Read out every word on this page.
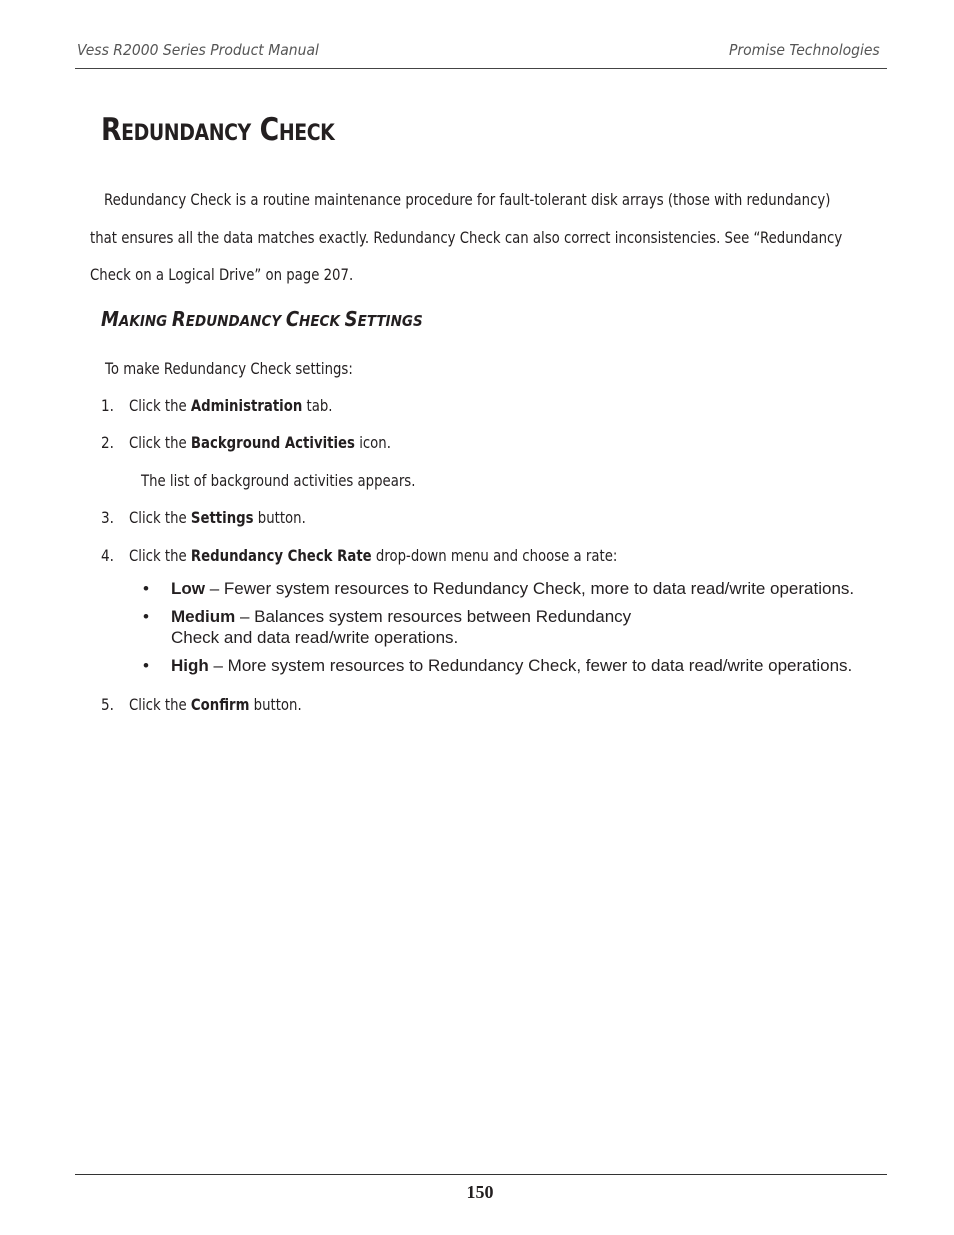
Vess R2000 Series Product Manual	Promise Technologies
REDUNDANCY CHECK
Redundancy Check is a routine maintenance procedure for fault-tolerant disk arrays (those with redundancy)
that ensures all the data matches exactly. Redundancy Check can also correct inconsistencies. See “Redundancy
Check on a Logical Drive” on page 207.
MAKING REDUNDANCY CHECK SETTINGS
To make Redundancy Check settings:
1. Click the Administration tab.
2. Click the Background Activities icon.
The list of background activities appears.
3. Click the Settings button.
4. Click the Redundancy Check Rate drop-down menu and choose a rate:
• Low – Fewer system resources to Redundancy Check, more to data read/write operations.
• Medium – Balances system resources between Redundancy
Check and data read/write operations.
• High – More system resources to Redundancy Check, fewer to data read/write operations.
5. Click the Confirm button.
150
